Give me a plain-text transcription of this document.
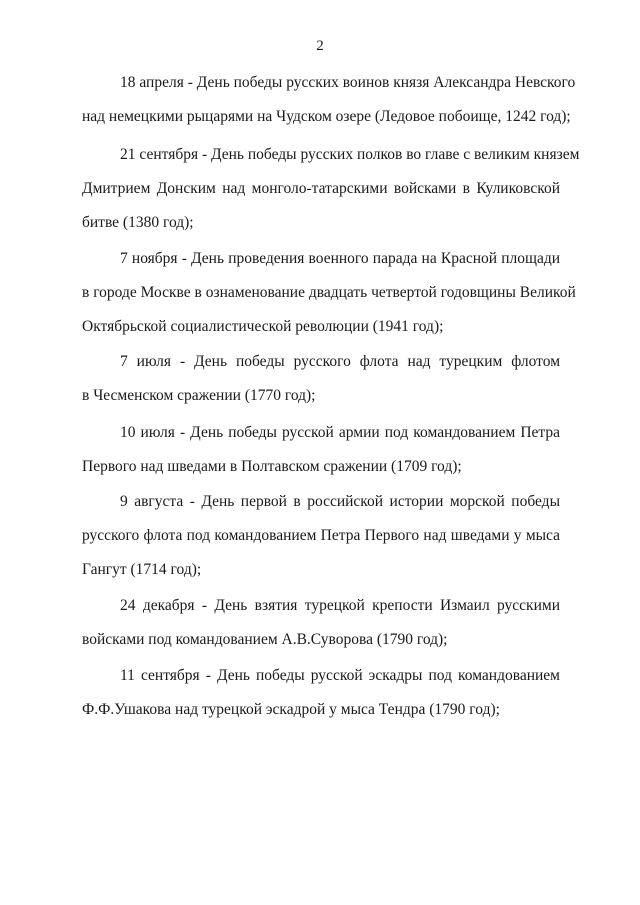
2
18 апреля - День победы русских воинов князя Александра Невского
над немецкими рыцарями на Чудском озере (Ледовое побоище, 1242 год);
21 сентября - День победы русских полков во главе с великим князем
Дмитрием Донским над монголо-татарскими войсками в Куликовской
битве (1380 год);
7 ноября - День проведения военного парада на Красной площади
в городе Москве в ознаменование двадцать четвертой годовщины Великой
Октябрьской социалистической революции (1941 год);
7 июля - День победы русского флота над турецким флотом
в Чесменском сражении (1770 год);
10 июля - День победы русской армии под командованием Петра
Первого над шведами в Полтавском сражении (1709 год);
9 августа - День первой в российской истории морской победы
русского флота под командованием Петра Первого над шведами у мыса
Гангут (1714 год);
24 декабря - День взятия турецкой крепости Измаил русскими
войсками под командованием А.В.Суворова (1790 год);
11 сентября - День победы русской эскадры под командованием
Ф.Ф.Ушакова над турецкой эскадрой у мыса Тендра (1790 год);
